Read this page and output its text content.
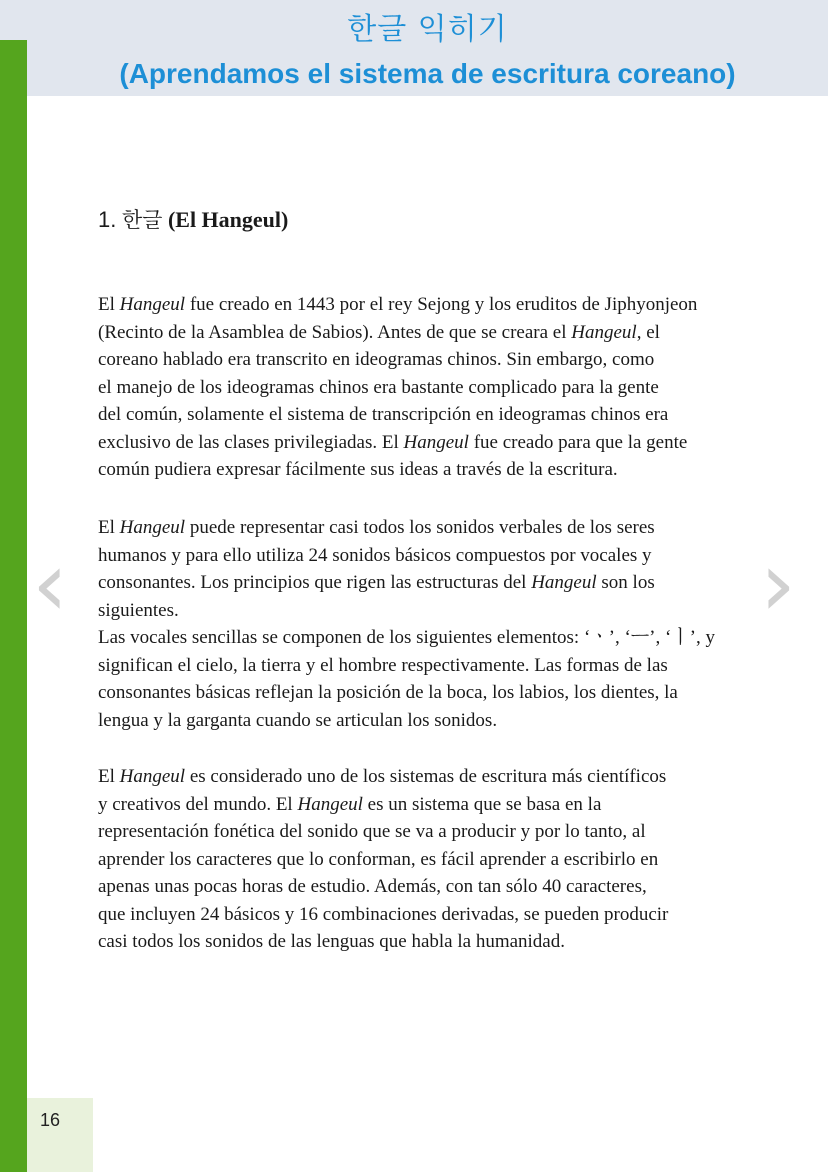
한글 익히기
(Aprendamos el sistema de escritura coreano)
1. 한글 (El Hangeul)
El Hangeul fue creado en 1443 por el rey Sejong y los eruditos de Jiphyonjeon
(Recinto de la Asamblea de Sabios). Antes de que se creara el Hangeul, el
coreano hablado era transcrito en ideogramas chinos. Sin embargo, como
el manejo de los ideogramas chinos era bastante complicado para la gente
del común, solamente el sistema de transcripción en ideogramas chinos era
exclusivo de las clases privilegiadas. El Hangeul fue creado para que la gente
común pudiera expresar fácilmente sus ideas a través de la escritura.
El Hangeul puede representar casi todos los sonidos verbales de los seres
humanos y para ello utiliza 24 sonidos básicos compuestos por vocales y
consonantes. Los principios que rigen las estructuras del Hangeul son los
siguientes.
Las vocales sencillas se componen de los siguientes elementos: ‘ㆍ’, ‘ㅡ’, ‘ㅣ’, y
significan el cielo, la tierra y el hombre respectivamente. Las formas de las
consonantes básicas reflejan la posición de la boca, los labios, los dientes, la
lengua y la garganta cuando se articulan los sonidos.
El Hangeul es considerado uno de los sistemas de escritura más científicos
y creativos del mundo. El Hangeul es un sistema que se basa en la
representación fonética del sonido que se va a producir y por lo tanto, al
aprender los caracteres que lo conforman, es fácil aprender a escribirlo en
apenas unas pocas horas de estudio. Además, con tan sólo 40 caracteres,
que incluyen 24 básicos y 16 combinaciones derivadas, se pueden producir
casi todos los sonidos de las lenguas que habla la humanidad.
‹	›
16
